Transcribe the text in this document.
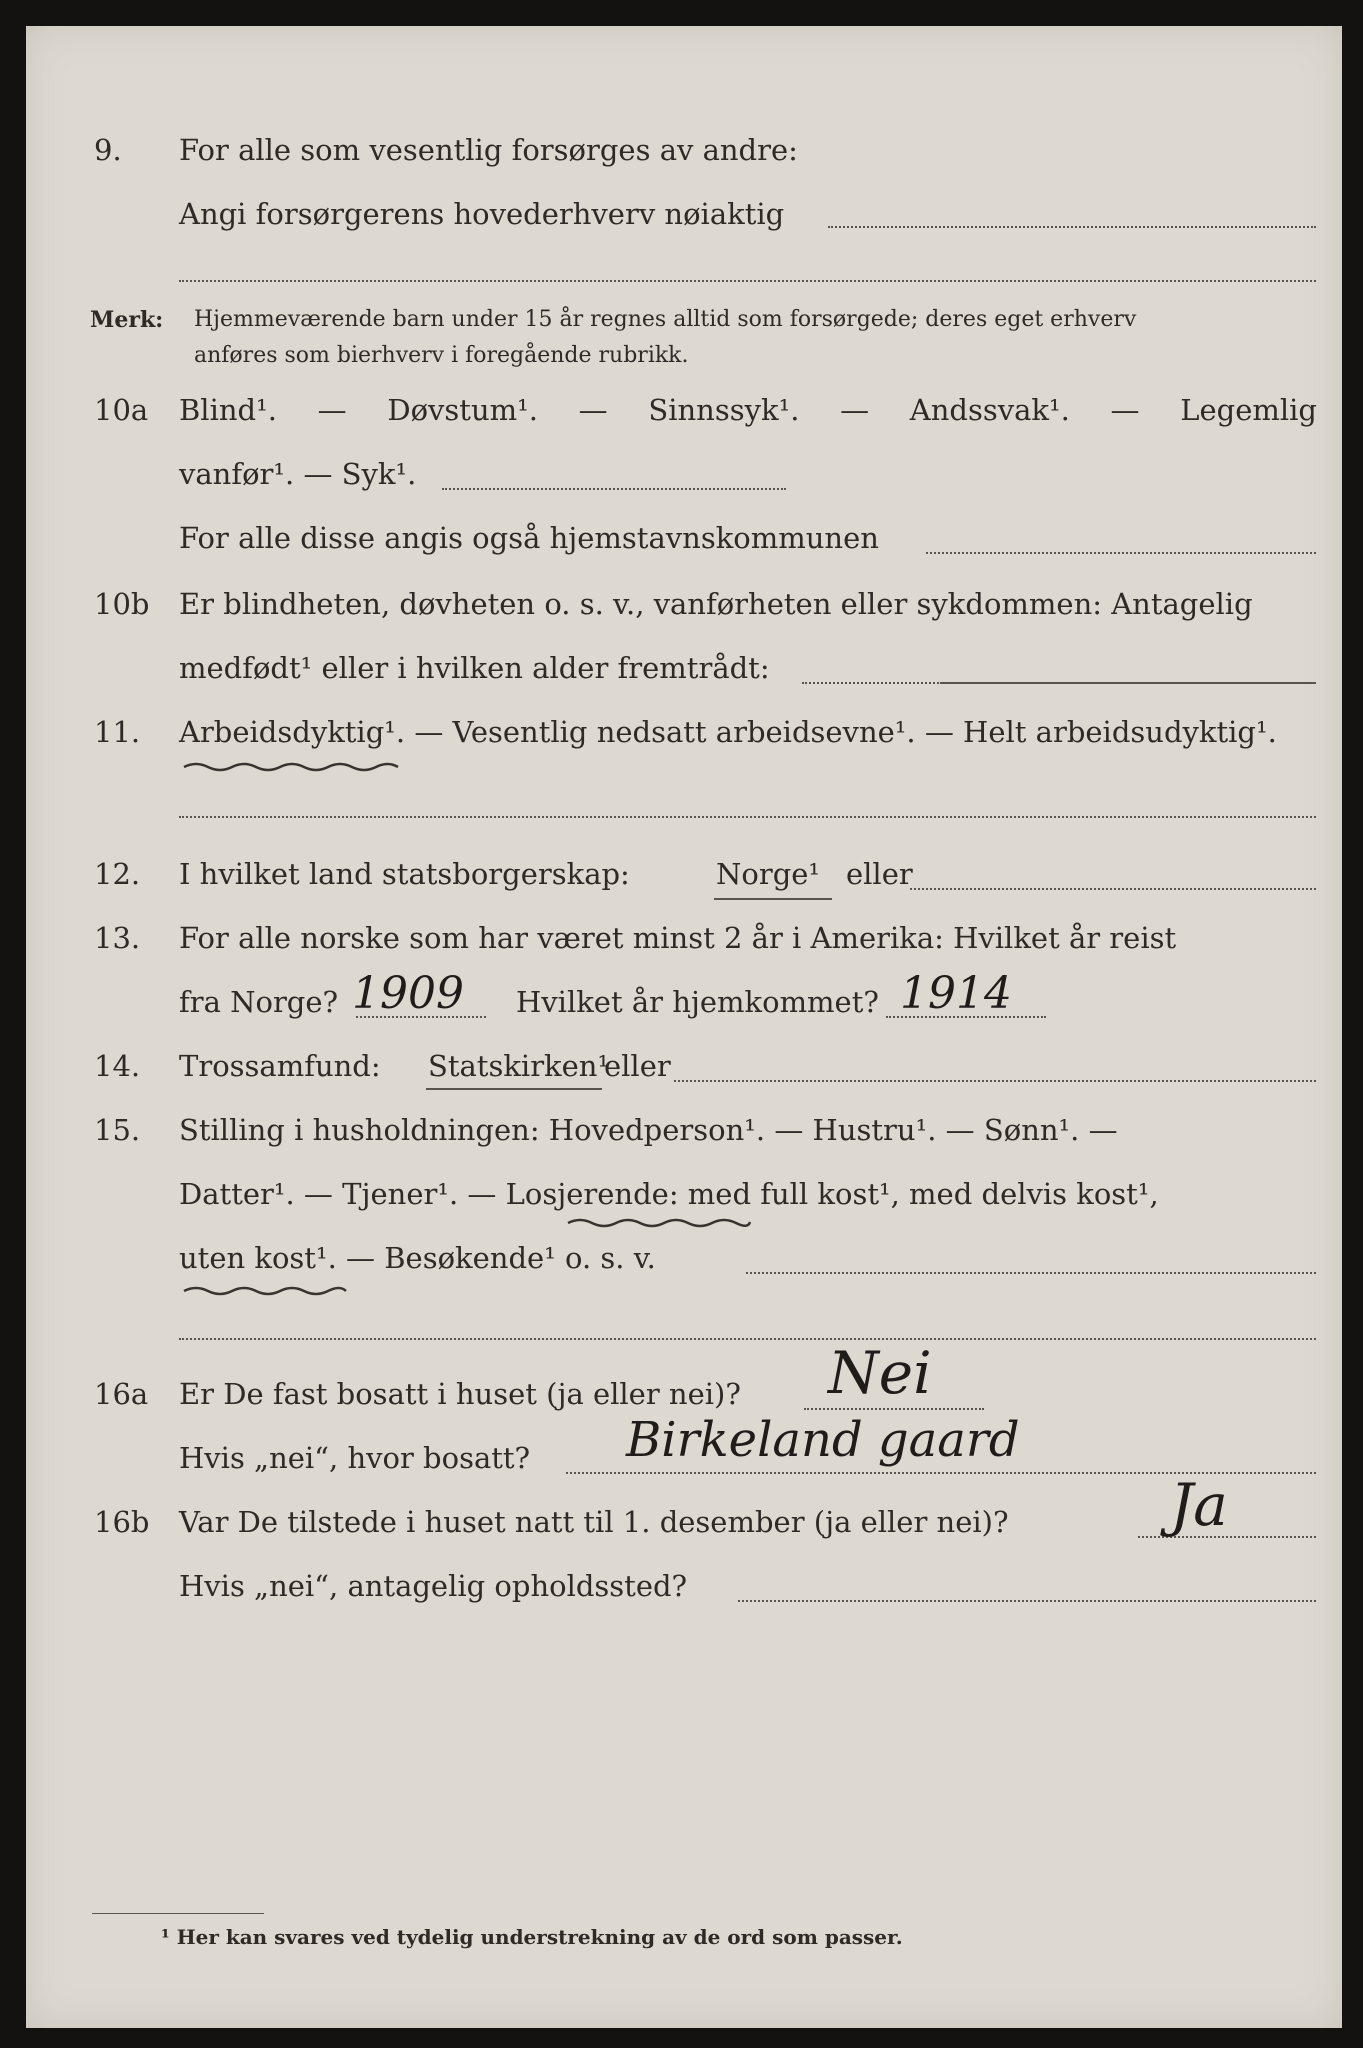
9. For alle som vesentlig forsørges av andre:
Angi forsørgerens hovederhverv nøiaktig
Merk: Hjemmeværende barn under 15 år regnes alltid som forsørgede; deres eget erhverv
anføres som bierhverv i foregående rubrikk.
10a Blind¹. — Døvstum¹. — Sinnssyk¹. — Andssvak¹. — Legemlig
vanfør¹. — Syk¹.
For alle disse angis også hjemstavnskommunen
10b Er blindheten, døvheten o. s. v., vanførheten eller sykdommen: Antagelig
medfødt¹ eller i hvilken alder fremtrådt:
11. Arbeidsdyktig¹. — Vesentlig nedsatt arbeidsevne¹. — Helt arbeidsudyktig¹.
12. I hvilket land statsborgerskap:	Norge¹ eller
13. For alle norske som har været minst 2 år i Amerika: Hvilket år reist
fra Norge?	Hvilket år hjemkommet?
1909	1914
14. Trossamfund: Statskirken¹
eller
15. Stilling i husholdningen: Hovedperson¹. — Hustru¹. — Sønn¹. —
Datter¹. — Tjener¹. — Losjerende: med full kost¹, med delvis kost¹,
uten kost¹. — Besøkende¹ o. s. v.
16a Er De fast bosatt i huset (ja eller nei)? Nei
Hvis „nei“, hvor bosatt? Birkeland gaard
16b Var De tilstede i huset natt til 1. desember (ja eller nei)?	Ja
Hvis „nei“, antagelig opholdssted?
¹ Her kan svares ved tydelig understrekning av de ord som passer.
